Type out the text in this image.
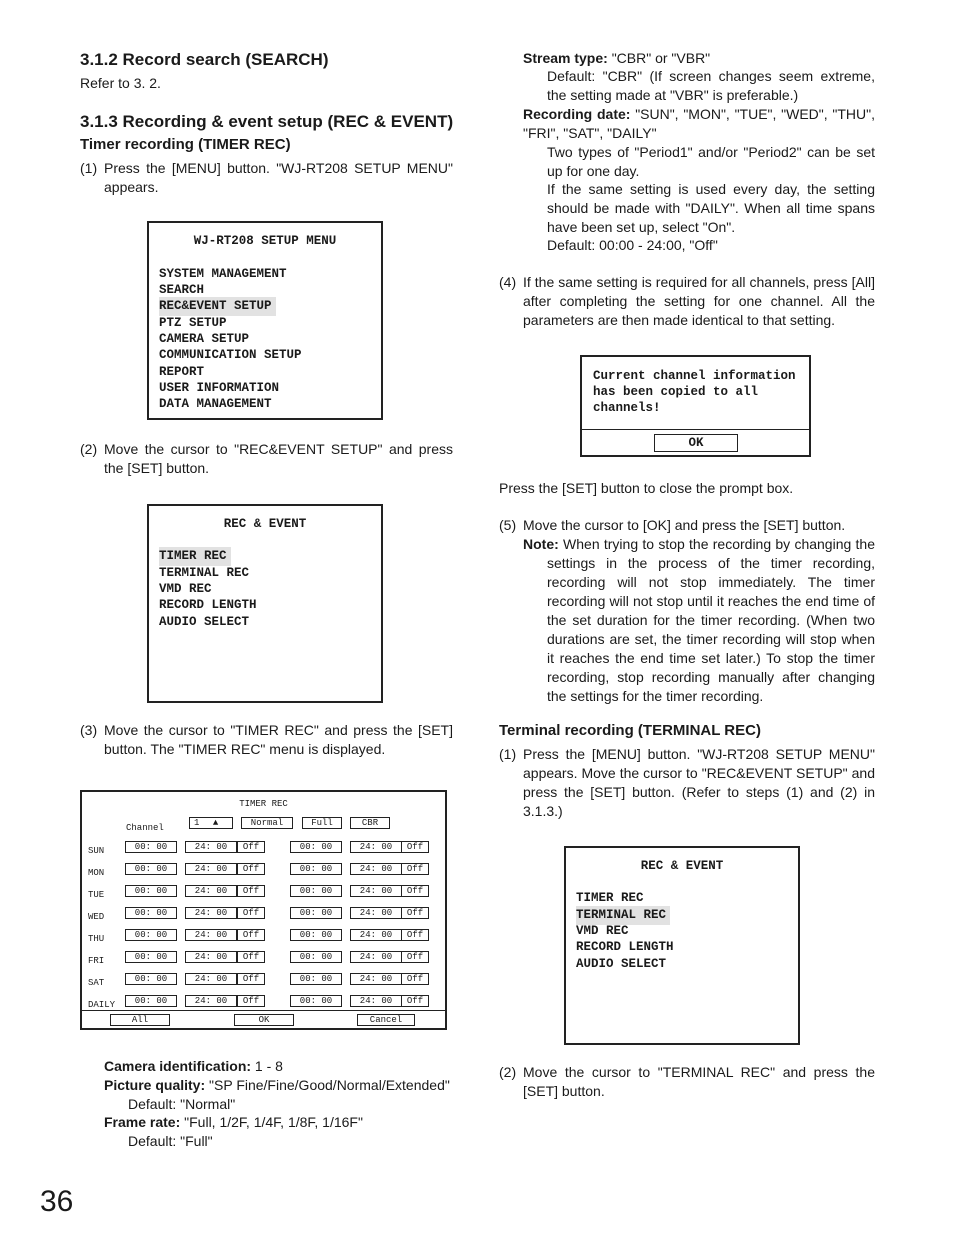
3.1.2 Record search (SEARCH)
Refer to 3. 2.
3.1.3 Recording & event setup (REC & EVENT)
Timer recording (TIMER REC)
(1) Press the [MENU] button. "WJ-RT208 SETUP MENU" appears.
WJ-RT208 SETUP MENU
SYSTEM MANAGEMENT
SEARCH
REC&EVENT SETUP
PTZ SETUP
CAMERA SETUP
COMMUNICATION SETUP
REPORT
USER INFORMATION
DATA MANAGEMENT
(2) Move the cursor to "REC&EVENT SETUP" and press the [SET] button.
REC & EVENT
TIMER REC
TERMINAL REC
VMD REC
RECORD LENGTH
AUDIO SELECT
(3) Move the cursor to "TIMER REC" and press the [SET] button. The "TIMER REC" menu is displayed.
TIMER REC
Channel	1 ▲	Normal	Full	CBR
SUN	00: 00	24: 00	Off	00: 00	24: 00	Off
MON	00: 00	24: 00	Off	00: 00	24: 00	Off
TUE	00: 00	24: 00	Off	00: 00	24: 00	Off
WED	00: 00	24: 00	Off	00: 00	24: 00	Off
THU	00: 00	24: 00	Off	00: 00	24: 00	Off
FRI	00: 00	24: 00	Off	00: 00	24: 00	Off
SAT	00: 00	24: 00	Off	00: 00	24: 00	Off
DAILY	00: 00	24: 00	Off	00: 00	24: 00	Off
All	OK	Cancel
Camera identification: 1 - 8
Picture quality: "SP Fine/Fine/Good/Normal/Extended"
Default: "Normal"
Frame rate: "Full, 1/2F, 1/4F, 1/8F, 1/16F"
Default: "Full"
36
Stream type: "CBR" or "VBR"
Default: "CBR" (If screen changes seem extreme, the setting made at "VBR" is preferable.)
Recording date: "SUN", "MON", "TUE", "WED", "THU", "FRI", "SAT", "DAILY"
Two types of "Period1" and/or "Period2" can be set up for one day.
If the same setting is used every day, the setting should be made with "DAILY". When all time spans have been set up, select "On".
Default: 00:00 - 24:00, "Off"
(4) If the same setting is required for all channels, press [All] after completing the setting for one channel. All the parameters are then made identical to that setting.
Current channel information has been copied to all channels!
OK
Press the [SET] button to close the prompt box.
(5) Move the cursor to [OK] and press the [SET] button.
Note: When trying to stop the recording by changing the settings in the process of the timer recording, recording will not stop immediately. The timer recording will not stop until it reaches the end time of the set duration for the timer recording. (When two durations are set, the timer recording will stop when it reaches the end time set later.) To stop the timer recording, stop recording manually after changing the settings for the timer recording.
Terminal recording (TERMINAL REC)
(1) Press the [MENU] button. "WJ-RT208 SETUP MENU" appears. Move the cursor to "REC&EVENT SETUP" and press the [SET] button. (Refer to steps (1) and (2) in 3.1.3.)
REC & EVENT
TIMER REC
TERMINAL REC
VMD REC
RECORD LENGTH
AUDIO SELECT
(2) Move the cursor to "TERMINAL REC" and press the [SET] button.
